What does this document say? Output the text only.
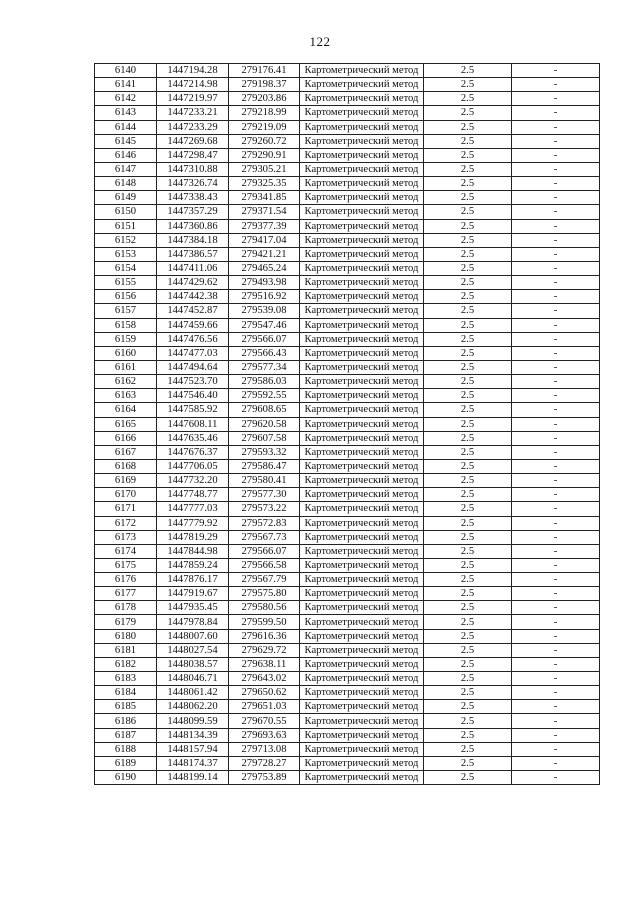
122
6140	1447194.28	279176.41	Картометрический метод	2.5	-
6141	1447214.98	279198.37	Картометрический метод	2.5	-
6142	1447219.97	279203.86	Картометрический метод	2.5	-
6143	1447233.21	279218.99	Картометрический метод	2.5	-
6144	1447233.29	279219.09	Картометрический метод	2.5	-
6145	1447269.68	279260.72	Картометрический метод	2.5	-
6146	1447298.47	279290.91	Картометрический метод	2.5	-
6147	1447310.88	279305.21	Картометрический метод	2.5	-
6148	1447326.74	279325.35	Картометрический метод	2.5	-
6149	1447338.43	279341.85	Картометрический метод	2.5	-
6150	1447357.29	279371.54	Картометрический метод	2.5	-
6151	1447360.86	279377.39	Картометрический метод	2.5	-
6152	1447384.18	279417.04	Картометрический метод	2.5	-
6153	1447386.57	279421.21	Картометрический метод	2.5	-
6154	1447411.06	279465.24	Картометрический метод	2.5	-
6155	1447429.62	279493.98	Картометрический метод	2.5	-
6156	1447442.38	279516.92	Картометрический метод	2.5	-
6157	1447452.87	279539.08	Картометрический метод	2.5	-
6158	1447459.66	279547.46	Картометрический метод	2.5	-
6159	1447476.56	279566.07	Картометрический метод	2.5	-
6160	1447477.03	279566.43	Картометрический метод	2.5	-
6161	1447494.64	279577.34	Картометрический метод	2.5	-
6162	1447523.70	279586.03	Картометрический метод	2.5	-
6163	1447546.40	279592.55	Картометрический метод	2.5	-
6164	1447585.92	279608.65	Картометрический метод	2.5	-
6165	1447608.11	279620.58	Картометрический метод	2.5	-
6166	1447635.46	279607.58	Картометрический метод	2.5	-
6167	1447676.37	279593.32	Картометрический метод	2.5	-
6168	1447706.05	279586.47	Картометрический метод	2.5	-
6169	1447732.20	279580.41	Картометрический метод	2.5	-
6170	1447748.77	279577.30	Картометрический метод	2.5	-
6171	1447777.03	279573.22	Картометрический метод	2.5	-
6172	1447779.92	279572.83	Картометрический метод	2.5	-
6173	1447819.29	279567.73	Картометрический метод	2.5	-
6174	1447844.98	279566.07	Картометрический метод	2.5	-
6175	1447859.24	279566.58	Картометрический метод	2.5	-
6176	1447876.17	279567.79	Картометрический метод	2.5	-
6177	1447919.67	279575.80	Картометрический метод	2.5	-
6178	1447935.45	279580.56	Картометрический метод	2.5	-
6179	1447978.84	279599.50	Картометрический метод	2.5	-
6180	1448007.60	279616.36	Картометрический метод	2.5	-
6181	1448027.54	279629.72	Картометрический метод	2.5	-
6182	1448038.57	279638.11	Картометрический метод	2.5	-
6183	1448046.71	279643.02	Картометрический метод	2.5	-
6184	1448061.42	279650.62	Картометрический метод	2.5	-
6185	1448062.20	279651.03	Картометрический метод	2.5	-
6186	1448099.59	279670.55	Картометрический метод	2.5	-
6187	1448134.39	279693.63	Картометрический метод	2.5	-
6188	1448157.94	279713.08	Картометрический метод	2.5	-
6189	1448174.37	279728.27	Картометрический метод	2.5	-
6190	1448199.14	279753.89	Картометрический метод	2.5	-
